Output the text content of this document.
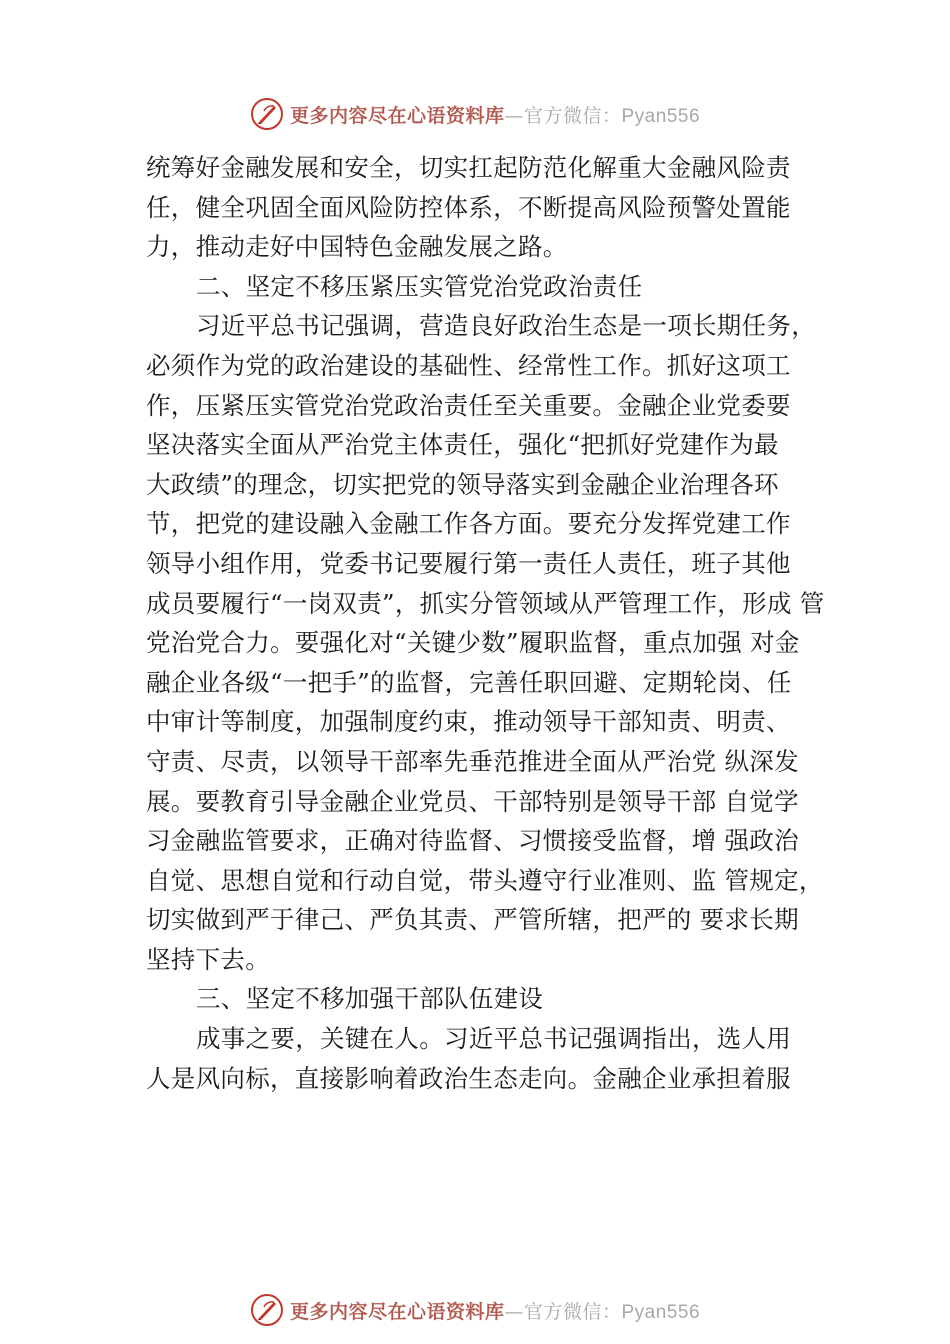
更多内容尽在心语资料库—官方微信：Pyan556
统筹好金融发展和安全，切实扛起防范化解重大金融风险责
任，健全巩固全面风险防控体系，不断提高风险预警处置能
力，推动走好中国特色金融发展之路。
二、坚定不移压紧压实管党治党政治责任
习近平总书记强调，营造良好政治生态是一项长期任务，
必须作为党的政治建设的基础性、经常性工作。抓好这项工
作，压紧压实管党治党政治责任至关重要。金融企业党委要
坚决落实全面从严治党主体责任，强化“把抓好党建作为最
大政绩”的理念，切实把党的领导落实到金融企业治理各环
节，把党的建设融入金融工作各方面。要充分发挥党建工作
领导小组作用，党委书记要履行第一责任人责任，班子其他
成员要履行“一岗双责”，抓实分管领域从严管理工作，形成 管
党治党合力。要强化对“关键少数”履职监督，重点加强 对金
融企业各级“一把手”的监督，完善任职回避、定期轮岗、任
中审计等制度，加强制度约束，推动领导干部知责、明责、
守责、尽责，以领导干部率先垂范推进全面从严治党 纵深发
展。要教育引导金融企业党员、干部特别是领导干部 自觉学
习金融监管要求，正确对待监督、习惯接受监督，增 强政治
自觉、思想自觉和行动自觉，带头遵守行业准则、监 管规定，
切实做到严于律己、严负其责、严管所辖，把严的 要求长期
坚持下去。
三、坚定不移加强干部队伍建设
成事之要，关键在人。习近平总书记强调指出，选人用
人是风向标，直接影响着政治生态走向。金融企业承担着服
更多内容尽在心语资料库—官方微信：Pyan556
